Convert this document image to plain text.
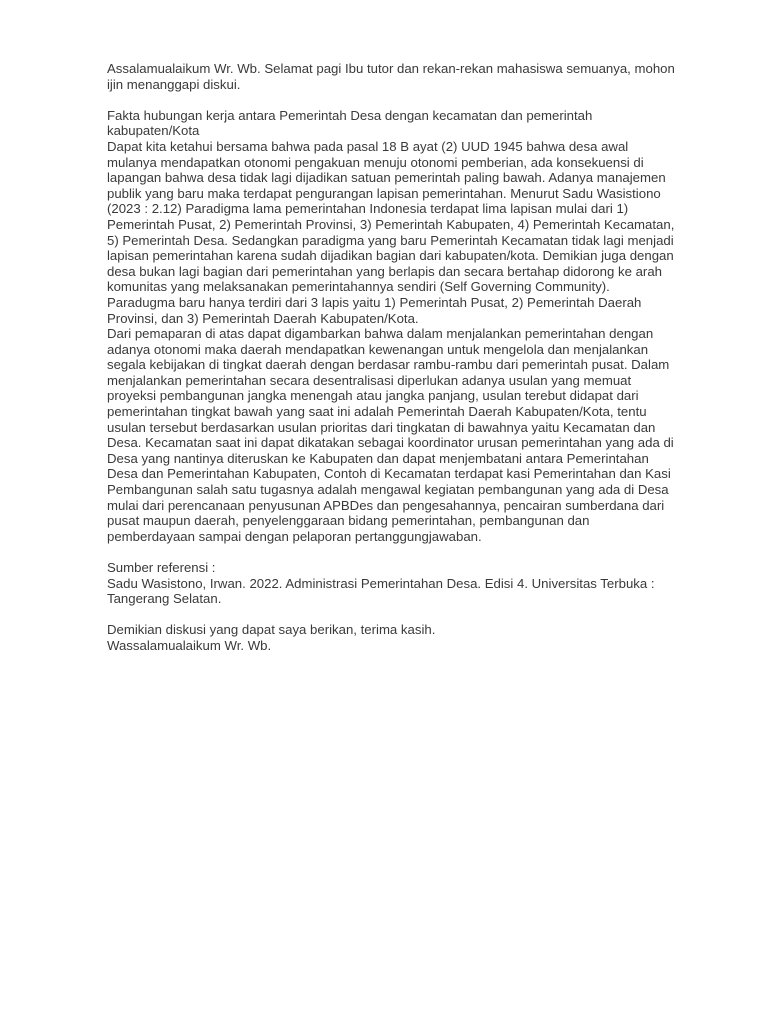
Assalamualaikum Wr. Wb. Selamat pagi Ibu tutor dan rekan-rekan mahasiswa semuanya, mohon
ijin menanggapi diskui.
Fakta hubungan kerja antara Pemerintah Desa dengan kecamatan dan pemerintah
kabupaten/Kota
Dapat kita ketahui bersama bahwa pada pasal 18 B ayat (2) UUD 1945 bahwa desa awal
mulanya mendapatkan otonomi pengakuan menuju otonomi pemberian, ada konsekuensi di
lapangan bahwa desa tidak lagi dijadikan satuan pemerintah paling bawah. Adanya manajemen
publik yang baru maka terdapat pengurangan lapisan pemerintahan. Menurut Sadu Wasistiono
(2023 : 2.12) Paradigma lama pemerintahan Indonesia terdapat lima lapisan mulai dari 1)
Pemerintah Pusat, 2) Pemerintah Provinsi, 3) Pemerintah Kabupaten, 4) Pemerintah Kecamatan,
5) Pemerintah Desa. Sedangkan paradigma yang baru Pemerintah Kecamatan tidak lagi menjadi
lapisan pemerintahan karena sudah dijadikan bagian dari kabupaten/kota. Demikian juga dengan
desa bukan lagi bagian dari pemerintahan yang berlapis dan secara bertahap didorong ke arah
komunitas yang melaksanakan pemerintahannya sendiri (Self Governing Community).
Paradugma baru hanya terdiri dari 3 lapis yaitu 1) Pemerintah Pusat, 2) Pemerintah Daerah
Provinsi, dan 3) Pemerintah Daerah Kabupaten/Kota.
Dari pemaparan di atas dapat digambarkan bahwa dalam menjalankan pemerintahan dengan
adanya otonomi maka daerah mendapatkan kewenangan untuk mengelola dan menjalankan
segala kebijakan di tingkat daerah dengan berdasar rambu-rambu dari pemerintah pusat. Dalam
menjalankan pemerintahan secara desentralisasi diperlukan adanya usulan yang memuat
proyeksi pembangunan jangka menengah atau jangka panjang, usulan terebut didapat dari
pemerintahan tingkat bawah yang saat ini adalah Pemerintah Daerah Kabupaten/Kota, tentu
usulan tersebut berdasarkan usulan prioritas dari tingkatan di bawahnya yaitu Kecamatan dan
Desa. Kecamatan saat ini dapat dikatakan sebagai koordinator urusan pemerintahan yang ada di
Desa yang nantinya diteruskan ke Kabupaten dan dapat menjembatani antara Pemerintahan
Desa dan Pemerintahan Kabupaten, Contoh di Kecamatan terdapat kasi Pemerintahan dan Kasi
Pembangunan salah satu tugasnya adalah mengawal kegiatan pembangunan yang ada di Desa
mulai dari perencanaan penyusunan APBDes dan pengesahannya, pencairan sumberdana dari
pusat maupun daerah, penyelenggaraan bidang pemerintahan, pembangunan dan
pemberdayaan sampai dengan pelaporan pertanggungjawaban.
Sumber referensi :
Sadu Wasistono, Irwan. 2022. Administrasi Pemerintahan Desa. Edisi 4. Universitas Terbuka :
Tangerang Selatan.
Demikian diskusi yang dapat saya berikan, terima kasih.
Wassalamualaikum Wr. Wb.
